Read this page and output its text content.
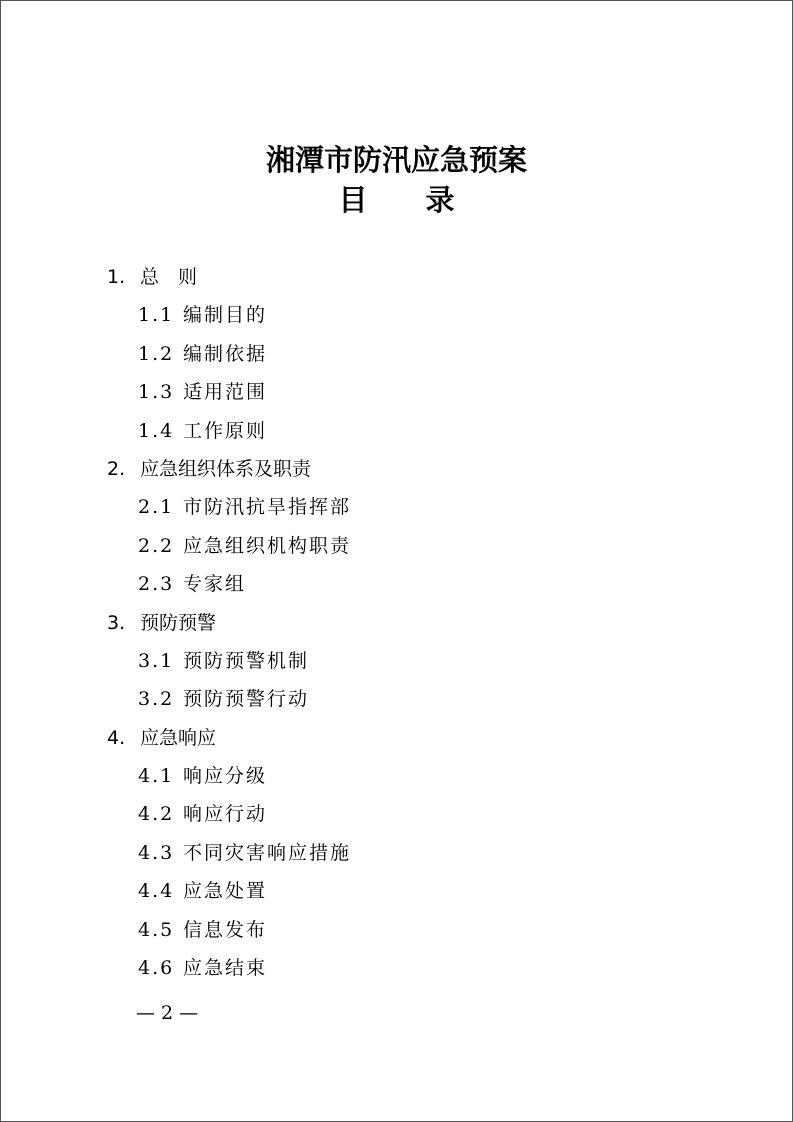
湘潭市防汛应急预案
目录
1. 总　则
1.1 编制目的
1.2 编制依据
1.3 适用范围
1.4 工作原则
2. 应急组织体系及职责
2.1 市防汛抗旱指挥部
2.2 应急组织机构职责
2.3 专家组
3. 预防预警
3.1 预防预警机制
3.2 预防预警行动
4. 应急响应
4.1 响应分级
4.2 响应行动
4.3 不同灾害响应措施
4.4 应急处置
4.5 信息发布
4.6 应急结束
— 2 —
